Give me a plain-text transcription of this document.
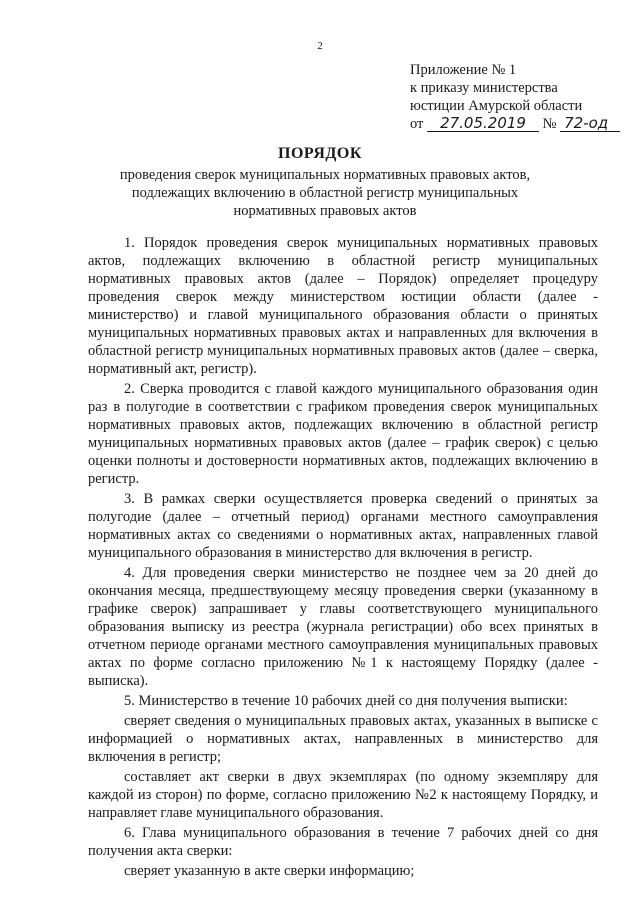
2
Приложение № 1
к приказу министерства
юстиции Амурской области
от 27.05.2019 № 72-од
ПОРЯДОК
проведения сверок муниципальных нормативных правовых актов, подлежащих включению в областной регистр муниципальных нормативных правовых актов

1. Порядок проведения сверок муниципальных нормативных правовых актов, подлежащих включению в областной регистр муниципальных нормативных правовых актов (далее – Порядок) определяет процедуру проведения сверок между министерством юстиции области (далее - министерство) и главой муниципального образования области о принятых муниципальных нормативных правовых актах и направленных для включения в областной регистр муниципальных нормативных правовых актов (далее – сверка, нормативный акт, регистр).

2. Сверка проводится с главой каждого муниципального образования один раз в полугодие в соответствии с графиком проведения сверок муниципальных нормативных правовых актов, подлежащих включению в областной регистр муниципальных нормативных правовых актов (далее – график сверок) с целью оценки полноты и достоверности нормативных актов, подлежащих включению в регистр.

3. В рамках сверки осуществляется проверка сведений о принятых за полугодие (далее – отчетный период) органами местного самоуправления нормативных актах со сведениями о нормативных актах, направленных главой муниципального образования в министерство для включения в регистр.

4. Для проведения сверки министерство не позднее чем за 20 дней до окончания месяца, предшествующему месяцу проведения сверки (указанному в графике сверок) запрашивает у главы соответствующего муниципального образования выписку из реестра (журнала регистрации) обо всех принятых в отчетном периоде органами местного самоуправления муниципальных правовых актах по форме согласно приложению №1 к настоящему Порядку (далее - выписка).

5. Министерство в течение 10 рабочих дней со дня получения выписки:

сверяет сведения о муниципальных правовых актах, указанных в выписке с информацией о нормативных актах, направленных в министерство для включения в регистр;

составляет акт сверки в двух экземплярах (по одному экземпляру для каждой из сторон) по форме, согласно приложению №2 к настоящему Порядку, и направляет главе муниципального образования.

6. Глава муниципального образования в течение 7 рабочих дней со дня получения акта сверки:

сверяет указанную в акте сверки информацию;
